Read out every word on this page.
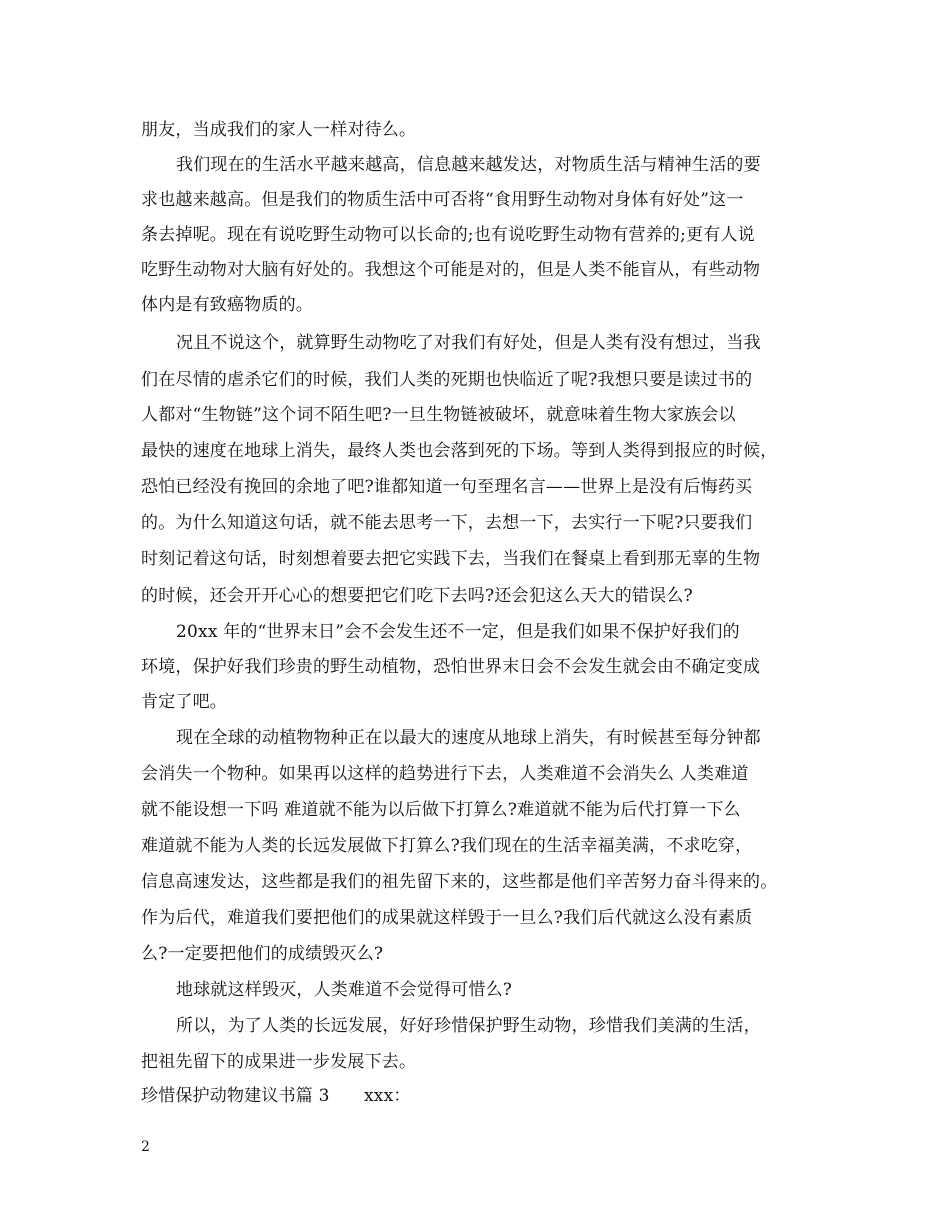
朋友，当成我们的家人一样对待么。
我们现在的生活水平越来越高，信息越来越发达，对物质生活与精神生活的要
求也越来越高。但是我们的物质生活中可否将“食用野生动物对身体有好处”这一
条去掉呢。现在有说吃野生动物可以长命的;也有说吃野生动物有营养的;更有人说
吃野生动物对大脑有好处的。我想这个可能是对的，但是人类不能盲从，有些动物
体内是有致癌物质的。
况且不说这个，就算野生动物吃了对我们有好处，但是人类有没有想过，当我
们在尽情的虐杀它们的时候，我们人类的死期也快临近了呢?我想只要是读过书的
人都对“生物链”这个词不陌生吧?一旦生物链被破坏，就意味着生物大家族会以
最快的速度在地球上消失，最终人类也会落到死的下场。等到人类得到报应的时候，
恐怕已经没有挽回的余地了吧?谁都知道一句至理名言——世界上是没有后悔药买
的。为什么知道这句话，就不能去思考一下，去想一下，去实行一下呢?只要我们
时刻记着这句话，时刻想着要去把它实践下去，当我们在餐桌上看到那无辜的生物
的时候，还会开开心心的想要把它们吃下去吗?还会犯这么天大的错误么?
20xx 年的“世界末日”会不会发生还不一定，但是我们如果不保护好我们的
环境，保护好我们珍贵的野生动植物，恐怕世界末日会不会发生就会由不确定变成
肯定了吧。
现在全球的动植物物种正在以最大的速度从地球上消失，有时候甚至每分钟都
会消失一个物种。如果再以这样的趋势进行下去，人类难道不会消失么 人类难道
就不能设想一下吗 难道就不能为以后做下打算么?难道就不能为后代打算一下么
难道就不能为人类的长远发展做下打算么?我们现在的生活幸福美满，不求吃穿，
信息高速发达，这些都是我们的祖先留下来的，这些都是他们辛苦努力奋斗得来的。
作为后代，难道我们要把他们的成果就这样毁于一旦么?我们后代就这么没有素质
么?一定要把他们的成绩毁灭么?
地球就这样毁灭，人类难道不会觉得可惜么?
所以，为了人类的长远发展，好好珍惜保护野生动物，珍惜我们美满的生活，
把祖先留下的成果进一步发展下去。
珍惜保护动物建议书篇 3　　xxx：
2
